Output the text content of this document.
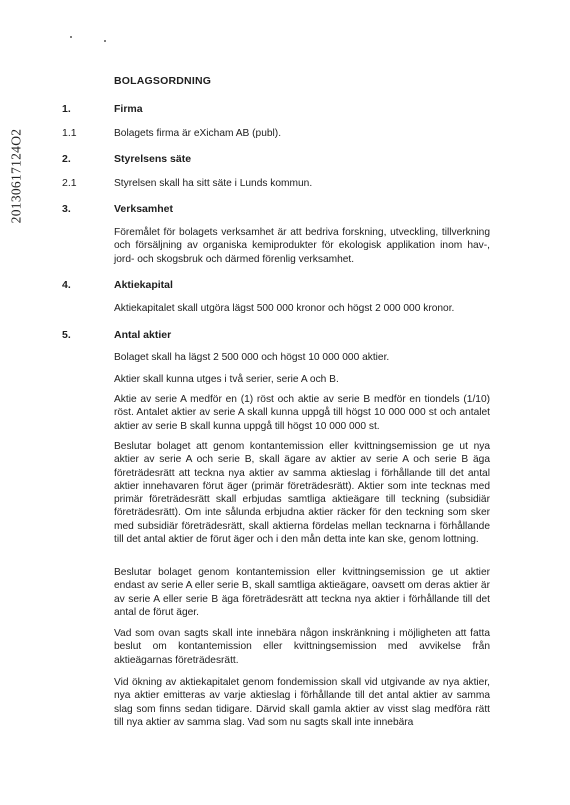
20130617124O2
BOLAGSORDNING
1.	Firma
1.1	Bolagets firma är eXicham AB (publ).

2.	Styrelsens säte
2.1	Styrelsen skall ha sitt säte i Lunds kommun.

3.	Verksamhet

Föremålet för bolagets verksamhet är att bedriva forskning, utveckling, tillverkning och försäljning av organiska kemiprodukter för ekologisk applikation inom hav-, jord- och skogsbruk och därmed förenlig verksamhet.

4.	Aktiekapital

Aktiekapitalet skall utgöra lägst 500 000 kronor och högst 2 000 000 kronor.

5.	Antal aktier

Bolaget skall ha lägst 2 500 000 och högst 10 000 000 aktier.

Aktier skall kunna utges i två serier, serie A och B.

Aktie av serie A medför en (1) röst och aktie av serie B medför en tiondels (1/10) röst. Antalet aktier av serie A skall kunna uppgå till högst 10 000 000 st och antalet aktier av serie B skall kunna uppgå till högst 10 000 000 st.

Beslutar bolaget att genom kontantemission eller kvittningsemission ge ut nya aktier av serie A och serie B, skall ägare av aktier av serie A och serie B äga företrädesrätt att teckna nya aktier av samma aktieslag i förhållande till det antal aktier innehavaren förut äger (primär företrädesrätt). Aktier som inte tecknas med primär företrädesrätt skall erbjudas samtliga aktieägare till teckning (subsidiär företrädesrätt). Om inte sålunda erbjudna aktier räcker för den teckning som sker med subsidiär företrädesrätt, skall aktierna fördelas mellan tecknarna i förhållande till det antal aktier de förut äger och i den mån detta inte kan ske, genom lottning.

Beslutar bolaget genom kontantemission eller kvittningsemission ge ut aktier endast av serie A eller serie B, skall samtliga aktieägare, oavsett om deras aktier är av serie A eller serie B äga företrädesrätt att teckna nya aktier i förhållande till det antal de förut äger.

Vad som ovan sagts skall inte innebära någon inskränkning i möjligheten att fatta beslut om kontantemission eller kvittningsemission med avvikelse från aktieägarnas företrädesrätt.

Vid ökning av aktiekapitalet genom fondemission skall vid utgivande av nya aktier, nya aktier emitteras av varje aktieslag i förhållande till det antal aktier av samma slag som finns sedan tidigare. Därvid skall gamla aktier av visst slag medföra rätt till nya aktier av samma slag. Vad som nu sagts skall inte innebära
